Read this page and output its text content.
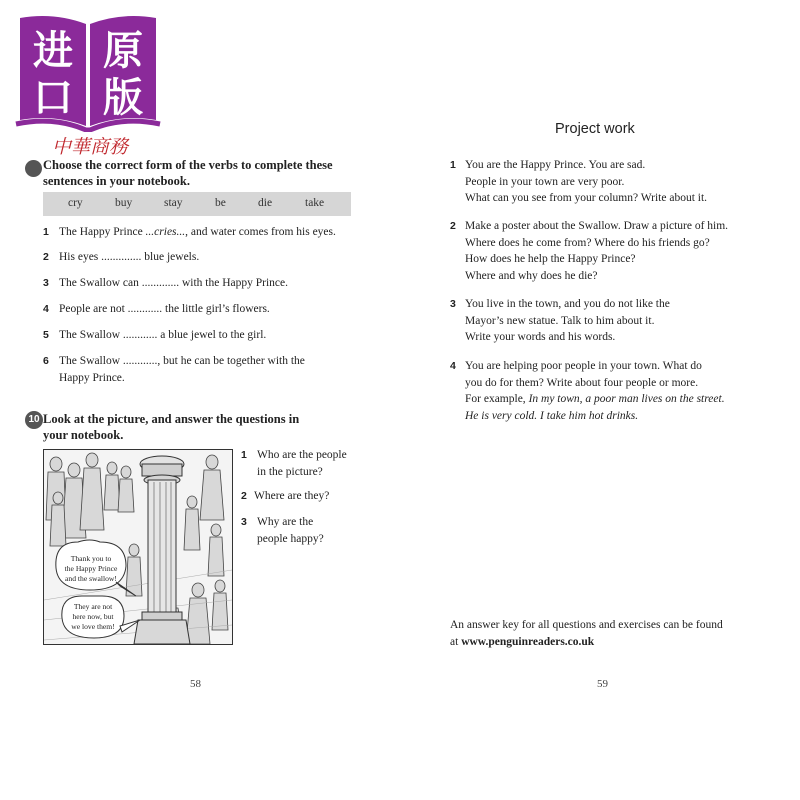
进 原
口 版
中華商務
Choose the correct form of the verbs to complete these
sentences in your notebook.
cry	buy	stay	be	die	take
1 The Happy Prince ...cries..., and water comes from his eyes.
2 His eyes .............. blue jewels.
3 The Swallow can ............. with the Happy Prince.
4 People are not ............ the little girl’s flowers.
5 The Swallow ............ a blue jewel to the girl.
6 The Swallow ............, but he can be together with the
Happy Prince.
10 Look at the picture, and answer the questions in
your notebook.
Thank you to
the Happy Prince
and the swallow!
They are not
here now, but
we love them!
1 Who are the people
in the picture?
2 Where are they?
3 Why are the
people happy?
58
Project work
1 You are the Happy Prince. You are sad.
People in your town are very poor.
What can you see from your column? Write about it.
2 Make a poster about the Swallow. Draw a picture of him.
Where does he come from? Where do his friends go?
How does he help the Happy Prince?
Where and why does he die?
3 You live in the town, and you do not like the
Mayor’s new statue. Talk to him about it.
Write your words and his words.
4 You are helping poor people in your town. What do
you do for them? Write about four people or more.
For example, In my town, a poor man lives on the street.
He is very cold. I take him hot drinks.
An answer key for all questions and exercises can be found
at www.penguinreaders.co.uk
59
